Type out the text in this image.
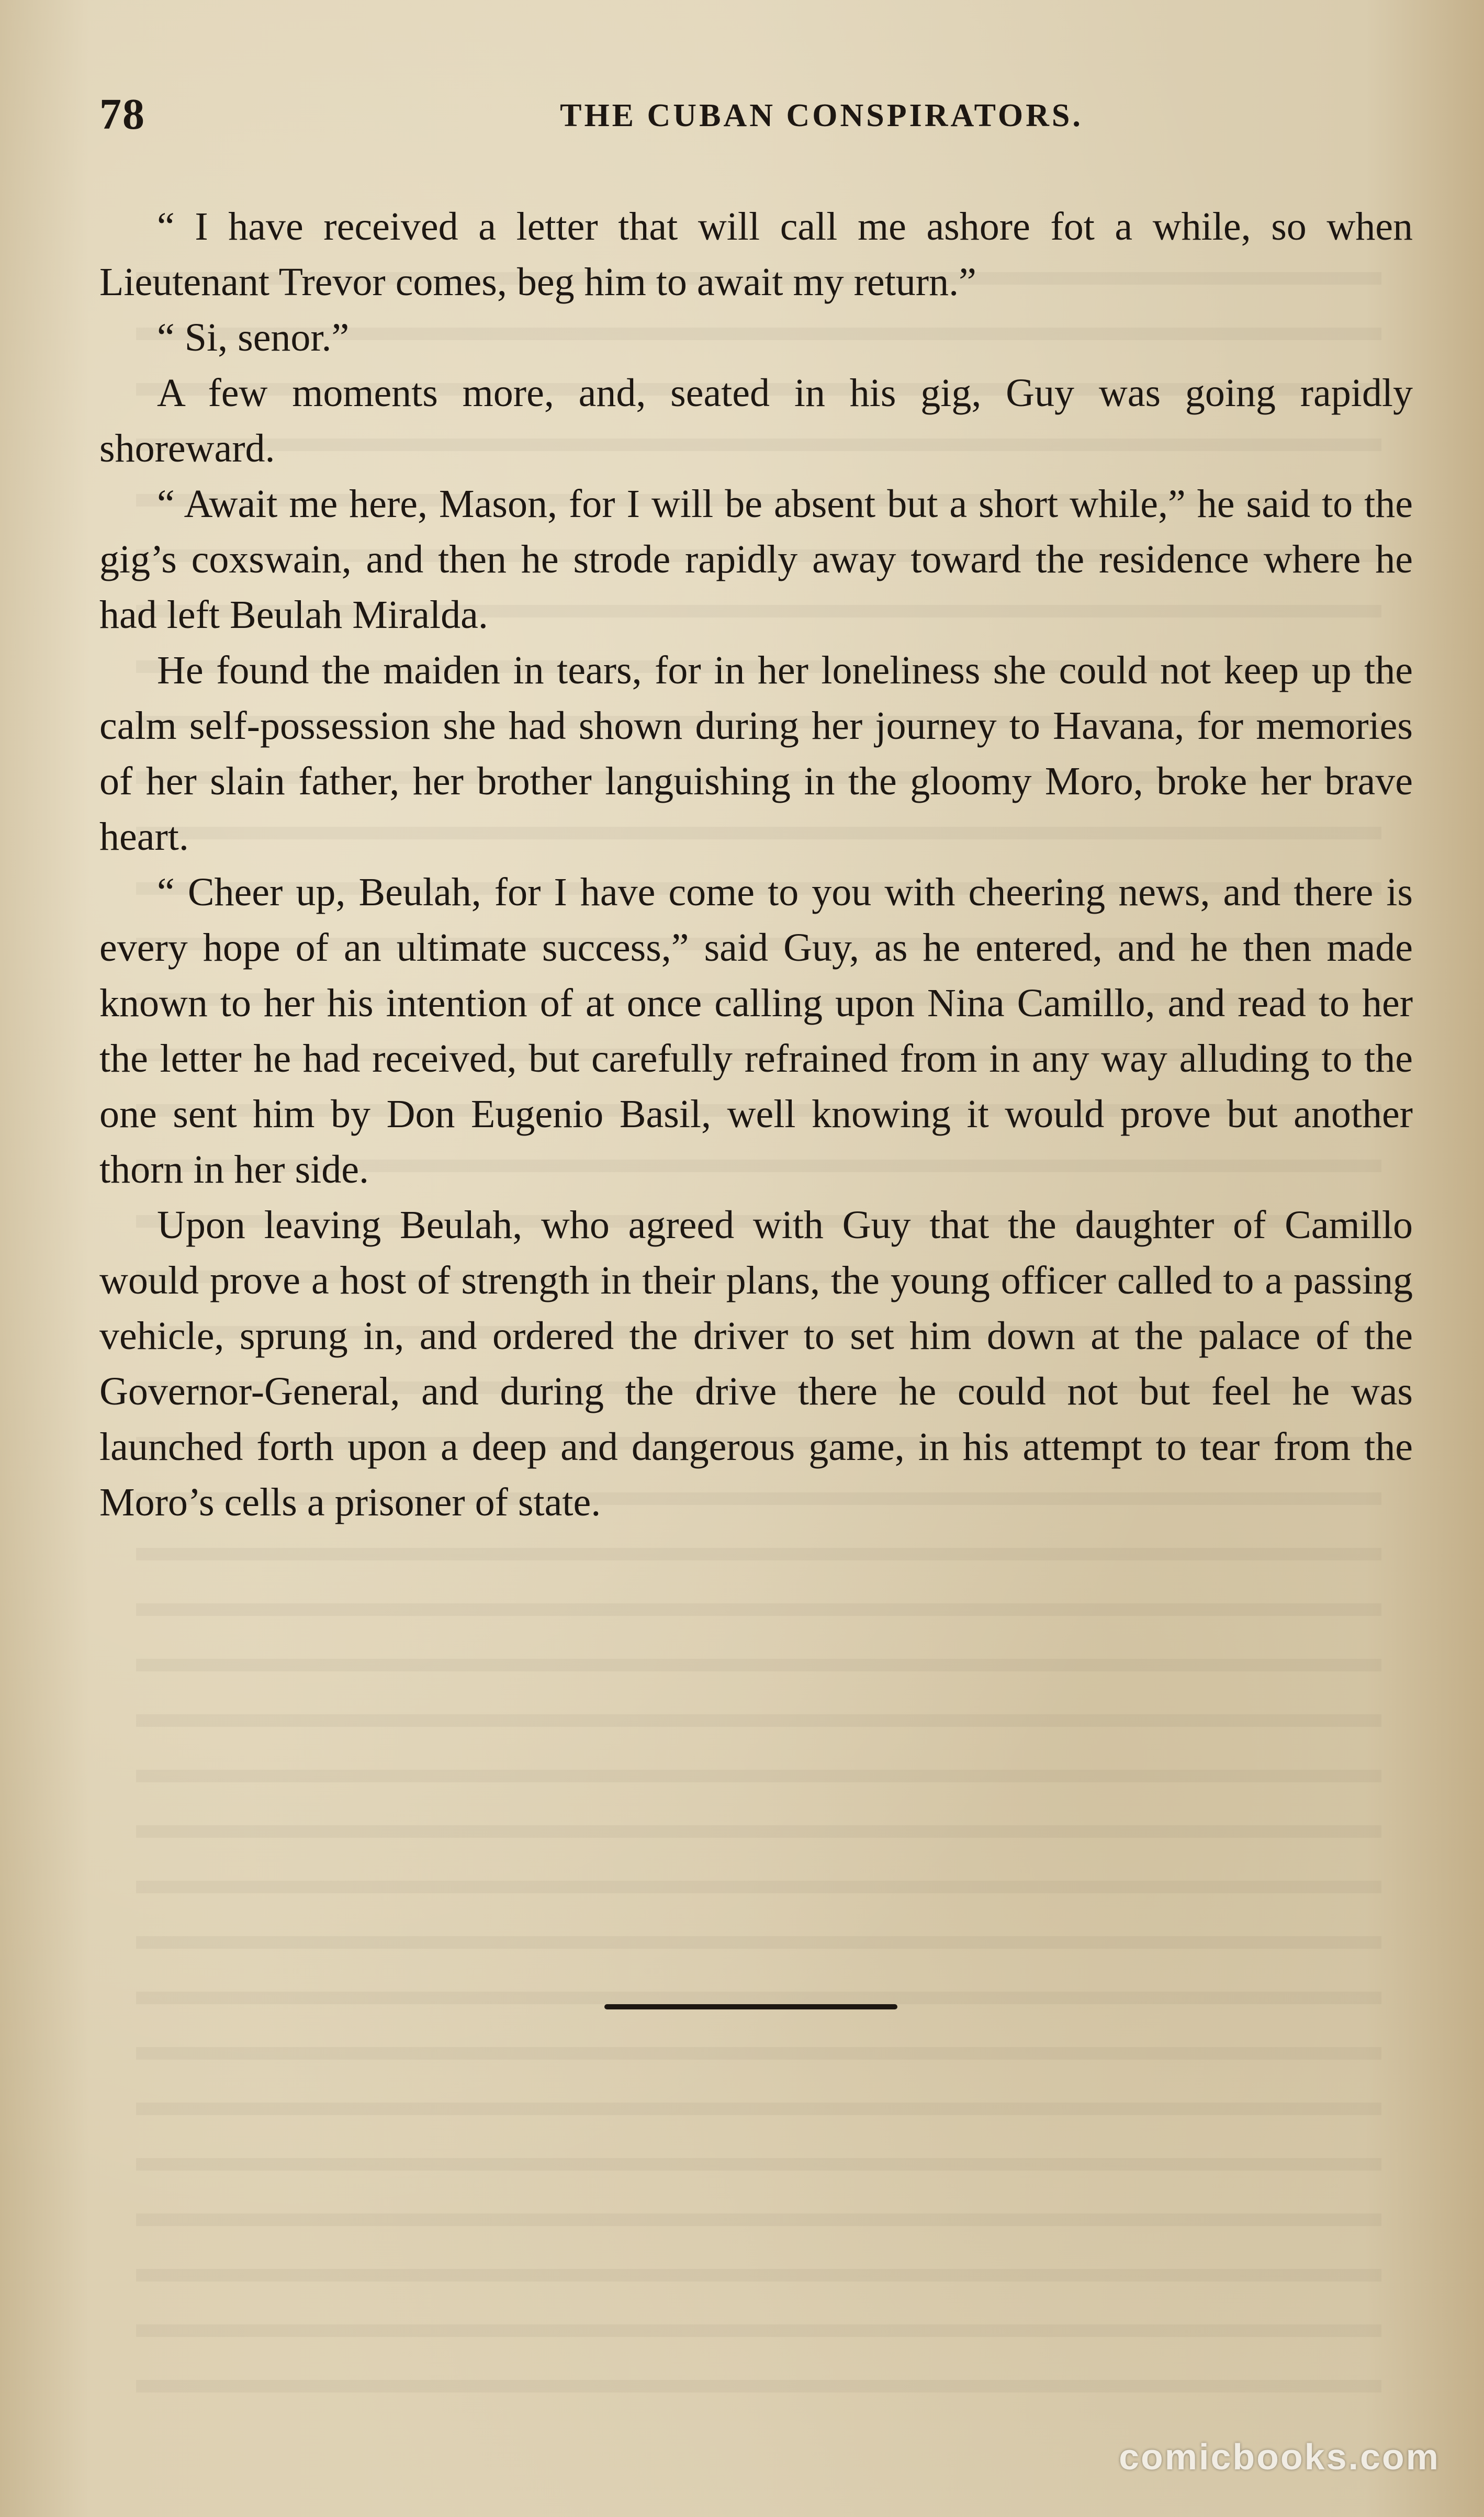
78	THE CUBAN CONSPIRATORS.

“ I have received a letter that will call me ashore fot a while, so when Lieutenant Trevor comes, beg him to await my return.”

“ Si, senor.”

A few moments more, and, seated in his gig, Guy was going rapidly shoreward.

“ Await me here, Mason, for I will be absent but a short while,” he said to the gig’s coxswain, and then he strode rapidly away toward the residence where he had left Beulah Miralda.

He found the maiden in tears, for in her loneliness she could not keep up the calm self-possession she had shown during her journey to Havana, for memories of her slain father, her brother languishing in the gloomy Moro, broke her brave heart.

“ Cheer up, Beulah, for I have come to you with cheering news, and there is every hope of an ultimate success,” said Guy, as he entered, and he then made known to her his intention of at once calling upon Nina Camillo, and read to her the letter he had received, but carefully refrained from in any way alluding to the one sent him by Don Eugenio Basil, well knowing it would prove but another thorn in her side.

Upon leaving Beulah, who agreed with Guy that the daughter of Camillo would prove a host of strength in their plans, the young officer called to a passing vehicle, sprung in, and ordered the driver to set him down at the palace of the Governor-General, and during the drive there he could not but feel he was launched forth upon a deep and dangerous game, in his attempt to tear from the Moro’s cells a prisoner of state.

comicbooks.com
